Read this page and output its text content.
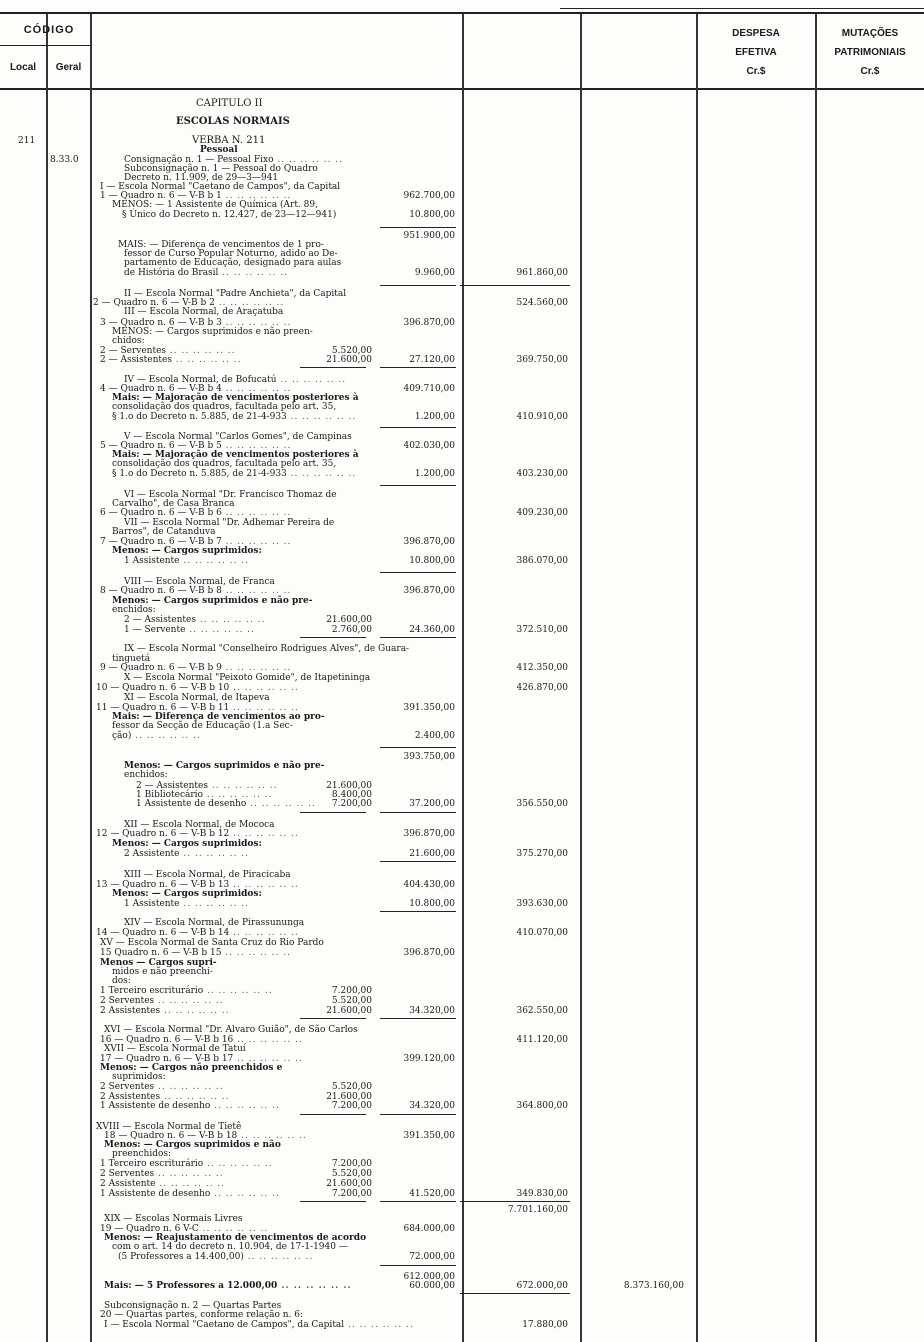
CÓDIGO
Local	Geral
DESPESA
EFETIVA
Cr.$
MUTAÇÕES
PATRIMONIAIS
Cr.$
211
8.33.0
CAPITULO II
ESCOLAS NORMAIS
VERBA N. 211
Pessoal
Consignação n. 1 — Pessoal Fixo .. .. .. .. .. ..
Subconsignação n. 1 — Pessoal do Quadro
Decreto n. 11.909, de 29—3—941
I — Escola Normal "Caetano de Campos", da Capital
1 — Quadro n. 6 — V-B b 1 .. .. .. .. .. ..	962.700,00
MENOS: — 1 Assistente de Química (Art. 89,
§ Único do Decreto n. 12.427, de 23—12—941)	10.800,00
951.900,00
MAIS: — Diferença de vencimentos de 1 pro-
fessor de Curso Popular Noturno, adido ao De-
partamento de Educação, designado para aulas
de História do Brasil .. .. .. .. .. ..	9.960,00	961.860,00
II — Escola Normal "Padre Anchieta", da Capital
2 — Quadro n. 6 — V-B b 2 .. .. .. .. .. ..	524.560,00
III — Escola Normal, de Araçatuba
3 — Quadro n. 6 — V-B b 3 .. .. .. .. .. ..	396.870,00
MENOS: — Cargos suprimidos e não preen-
chidos:
2 — Serventes .. .. .. .. .. ..	5.520,00
2 — Assistentes .. .. .. .. .. ..	21.600,00	27.120,00	369.750,00
IV — Escola Normal, de Bofucatú .. .. .. .. .. ..
4 — Quadro n. 6 — V-B b 4 .. .. .. .. .. ..	409.710,00
Mais: — Majoração de vencimentos posteriores à
consolidação dos quadros, facultada pelo art. 35,
§ 1.o do Decreto n. 5.885, de 21-4-933 .. .. .. .. .. ..	1.200,00	410.910,00
V — Escola Normal "Carlos Gomes", de Campinas
5 — Quadro n. 6 — V-B b 5 .. .. .. .. .. ..	402.030,00
Mais: — Majoração de vencimentos posteriores à
consolidação dos quadros, facultada pelo art. 35,
§ 1.o do Decreto n. 5.885, de 21-4-933 .. .. .. .. .. ..	1.200,00	403.230,00
VI — Escola Normal "Dr. Francisco Thomaz de
Carvalho", de Casa Branca
6 — Quadro n. 6 — V-B b 6 .. .. .. .. .. ..	409.230,00
VII — Escola Normal "Dr. Adhemar Pereira de
Barros", de Catanduva
7 — Quadro n. 6 — V-B b 7 .. .. .. .. .. ..	396.870,00
Menos: — Cargos suprimidos:
1 Assistente .. .. .. .. .. ..	10.800,00	386.070,00
VIII — Escola Normal, de Franca
8 — Quadro n. 6 — V-B b 8 .. .. .. .. .. ..	396.870,00
Menos: — Cargos suprimidos e não pre-
enchidos:
2 — Assistentes .. .. .. .. .. ..	21.600,00
1 — Servente .. .. .. .. .. ..	2.760,00	24.360,00	372.510,00
IX — Escola Normal "Conselheiro Rodrigues Alves", de Guara-
tinguetá
9 — Quadro n. 6 — V-B b 9 .. .. .. .. .. ..	412.350,00
X — Escola Normal "Peixoto Gomide", de Itapetininga
10 — Quadro n. 6 — V-B b 10 .. .. .. .. .. ..	426.870,00
XI — Escola Normal, de Itapeva
11 — Quadro n. 6 — V-B b 11 .. .. .. .. .. ..	391.350,00
Mais: — Diferença de vencimentos ao pro-
fessor da Secção de Educação (1.a Sec-
ção) .. .. .. .. .. ..	2.400,00
393.750,00
Menos: — Cargos suprimidos e não pre-
enchidos:
2 — Assistentes .. .. .. .. .. ..	21.600,00
1 Bibliotecário .. .. .. .. .. ..	8.400,00
1 Assistente de desenho .. .. .. .. .. .. 7.200,00	37.200,00	356.550,00
XII — Escola Normal, de Mococa
12 — Quadro n. 6 — V-B b 12 .. .. .. .. .. ..	396.870,00
Menos: — Cargos suprimidos:
2 Assistente .. .. .. .. .. ..	21.600,00	375.270,00
XIII — Escola Normal, de Piracicaba
13 — Quadro n. 6 — V-B b 13 .. .. .. .. .. ..	404.430,00
Menos: — Cargos suprimidos:
1 Assistente .. .. .. .. .. ..	10.800,00	393.630,00
XIV — Escola Normal, de Pirassununga
14 — Quadro n. 6 — V-B b 14 .. .. .. .. .. ..	410.070,00
XV — Escola Normal de Santa Cruz do Rio Pardo
15 Quadro n. 6 — V-B b 15 .. .. .. .. .. ..	396.870,00
Menos — Cargos supri-
midos e não preenchi-
dos:
1 Terceiro escriturário .. .. .. .. .. ..	7.200,00
2 Serventes .. .. .. .. .. ..	5.520,00
2 Assistentes .. .. .. .. .. ..	21.600,00	34.320,00	362.550,00
XVI — Escola Normal "Dr. Alvaro Guião", de São Carlos
16 — Quadro n. 6 — V-B b 16 .. .. .. .. .. ..	411.120,00
XVII — Escola Normal de Tatuí
17 — Quadro n. 6 — V-B b 17 .. .. .. .. .. ..	399.120,00
Menos: — Cargos não preenchidos e
suprimidos:
2 Serventes .. .. .. .. .. ..	5.520,00
2 Assistentes .. .. .. .. .. ..	21.600,00
1 Assistente de desenho .. .. .. .. .. ..	7.200,00	34.320,00	364.800,00
XVIII — Escola Normal de Tietê
18 — Quadro n. 6 — V-B b 18 .. .. .. .. .. ..	391.350,00
Menos: — Cargos suprimidos e não
preenchidos:
1 Terceiro escriturário .. .. .. .. .. ..	7.200,00
2 Serventes .. .. .. .. .. ..	5.520,00
2 Assistente .. .. .. .. .. ..	21.600,00
1 Assistente de desenho .. .. .. .. .. ..	7.200,00	41.520,00	349.830,00
7.701.160,00
XIX — Escolas Normais Livres
19 — Quadro n. 6 V-C .. .. .. .. .. ..	684.000,00
Menos: — Reajustamento de vencimentos de acordo
com o art. 14 do decreto n. 10.904, de 17-1-1940 —
(5 Professores a 14.400,00) .. .. .. .. .. ..	72.000,00
612.000,00
Mais: — 5 Professores a 12.000,00 .. .. .. .. .. ..	60.000,00	672.000,00	8.373.160,00
Subconsignação n. 2 — Quartas Partes
20 — Quartas partes, conforme relação n. 6:
I — Escola Normal "Caetano de Campos", da Capital .. .. .. .. .. ..	17.880,00
